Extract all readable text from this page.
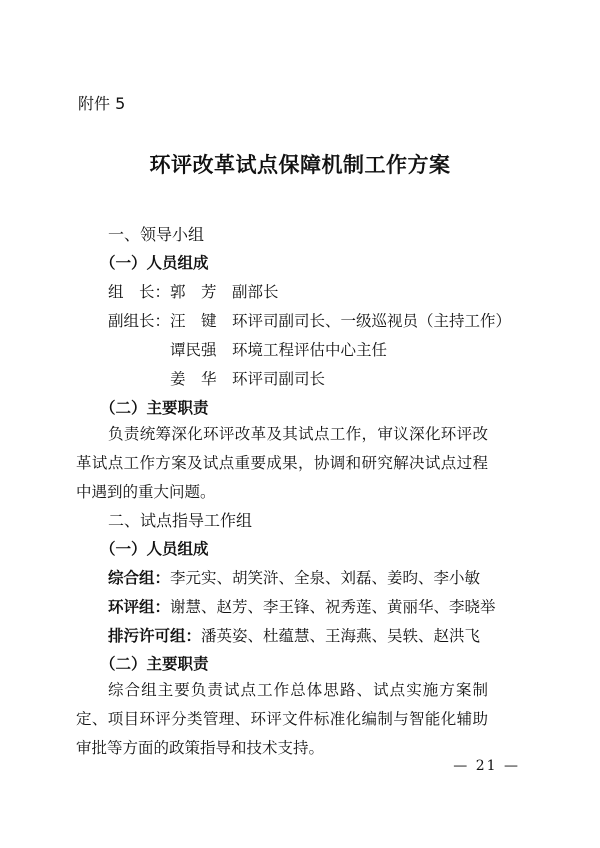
附件 5
环评改革试点保障机制工作方案
一、领导小组
（一）人员组成
组　长：郭　芳　副部长
副组长：汪　键　环评司副司长、一级巡视员（主持工作）
谭民强　环境工程评估中心主任
姜　华　环评司副司长
（二）主要职责
负责统筹深化环评改革及其试点工作，审议深化环评改革试点工作方案及试点重要成果，协调和研究解决试点过程中遇到的重大问题。
二、试点指导工作组
（一）人员组成
综合组：李元实、胡笑浒、全泉、刘磊、姜昀、李小敏
环评组：谢慧、赵芳、李王锋、祝秀莲、黄丽华、李晓举
排污许可组：潘英姿、杜蕴慧、王海燕、吴轶、赵洪飞
（二）主要职责
综合组主要负责试点工作总体思路、试点实施方案制定、项目环评分类管理、环评文件标准化编制与智能化辅助审批等方面的政策指导和技术支持。
— 21 —
